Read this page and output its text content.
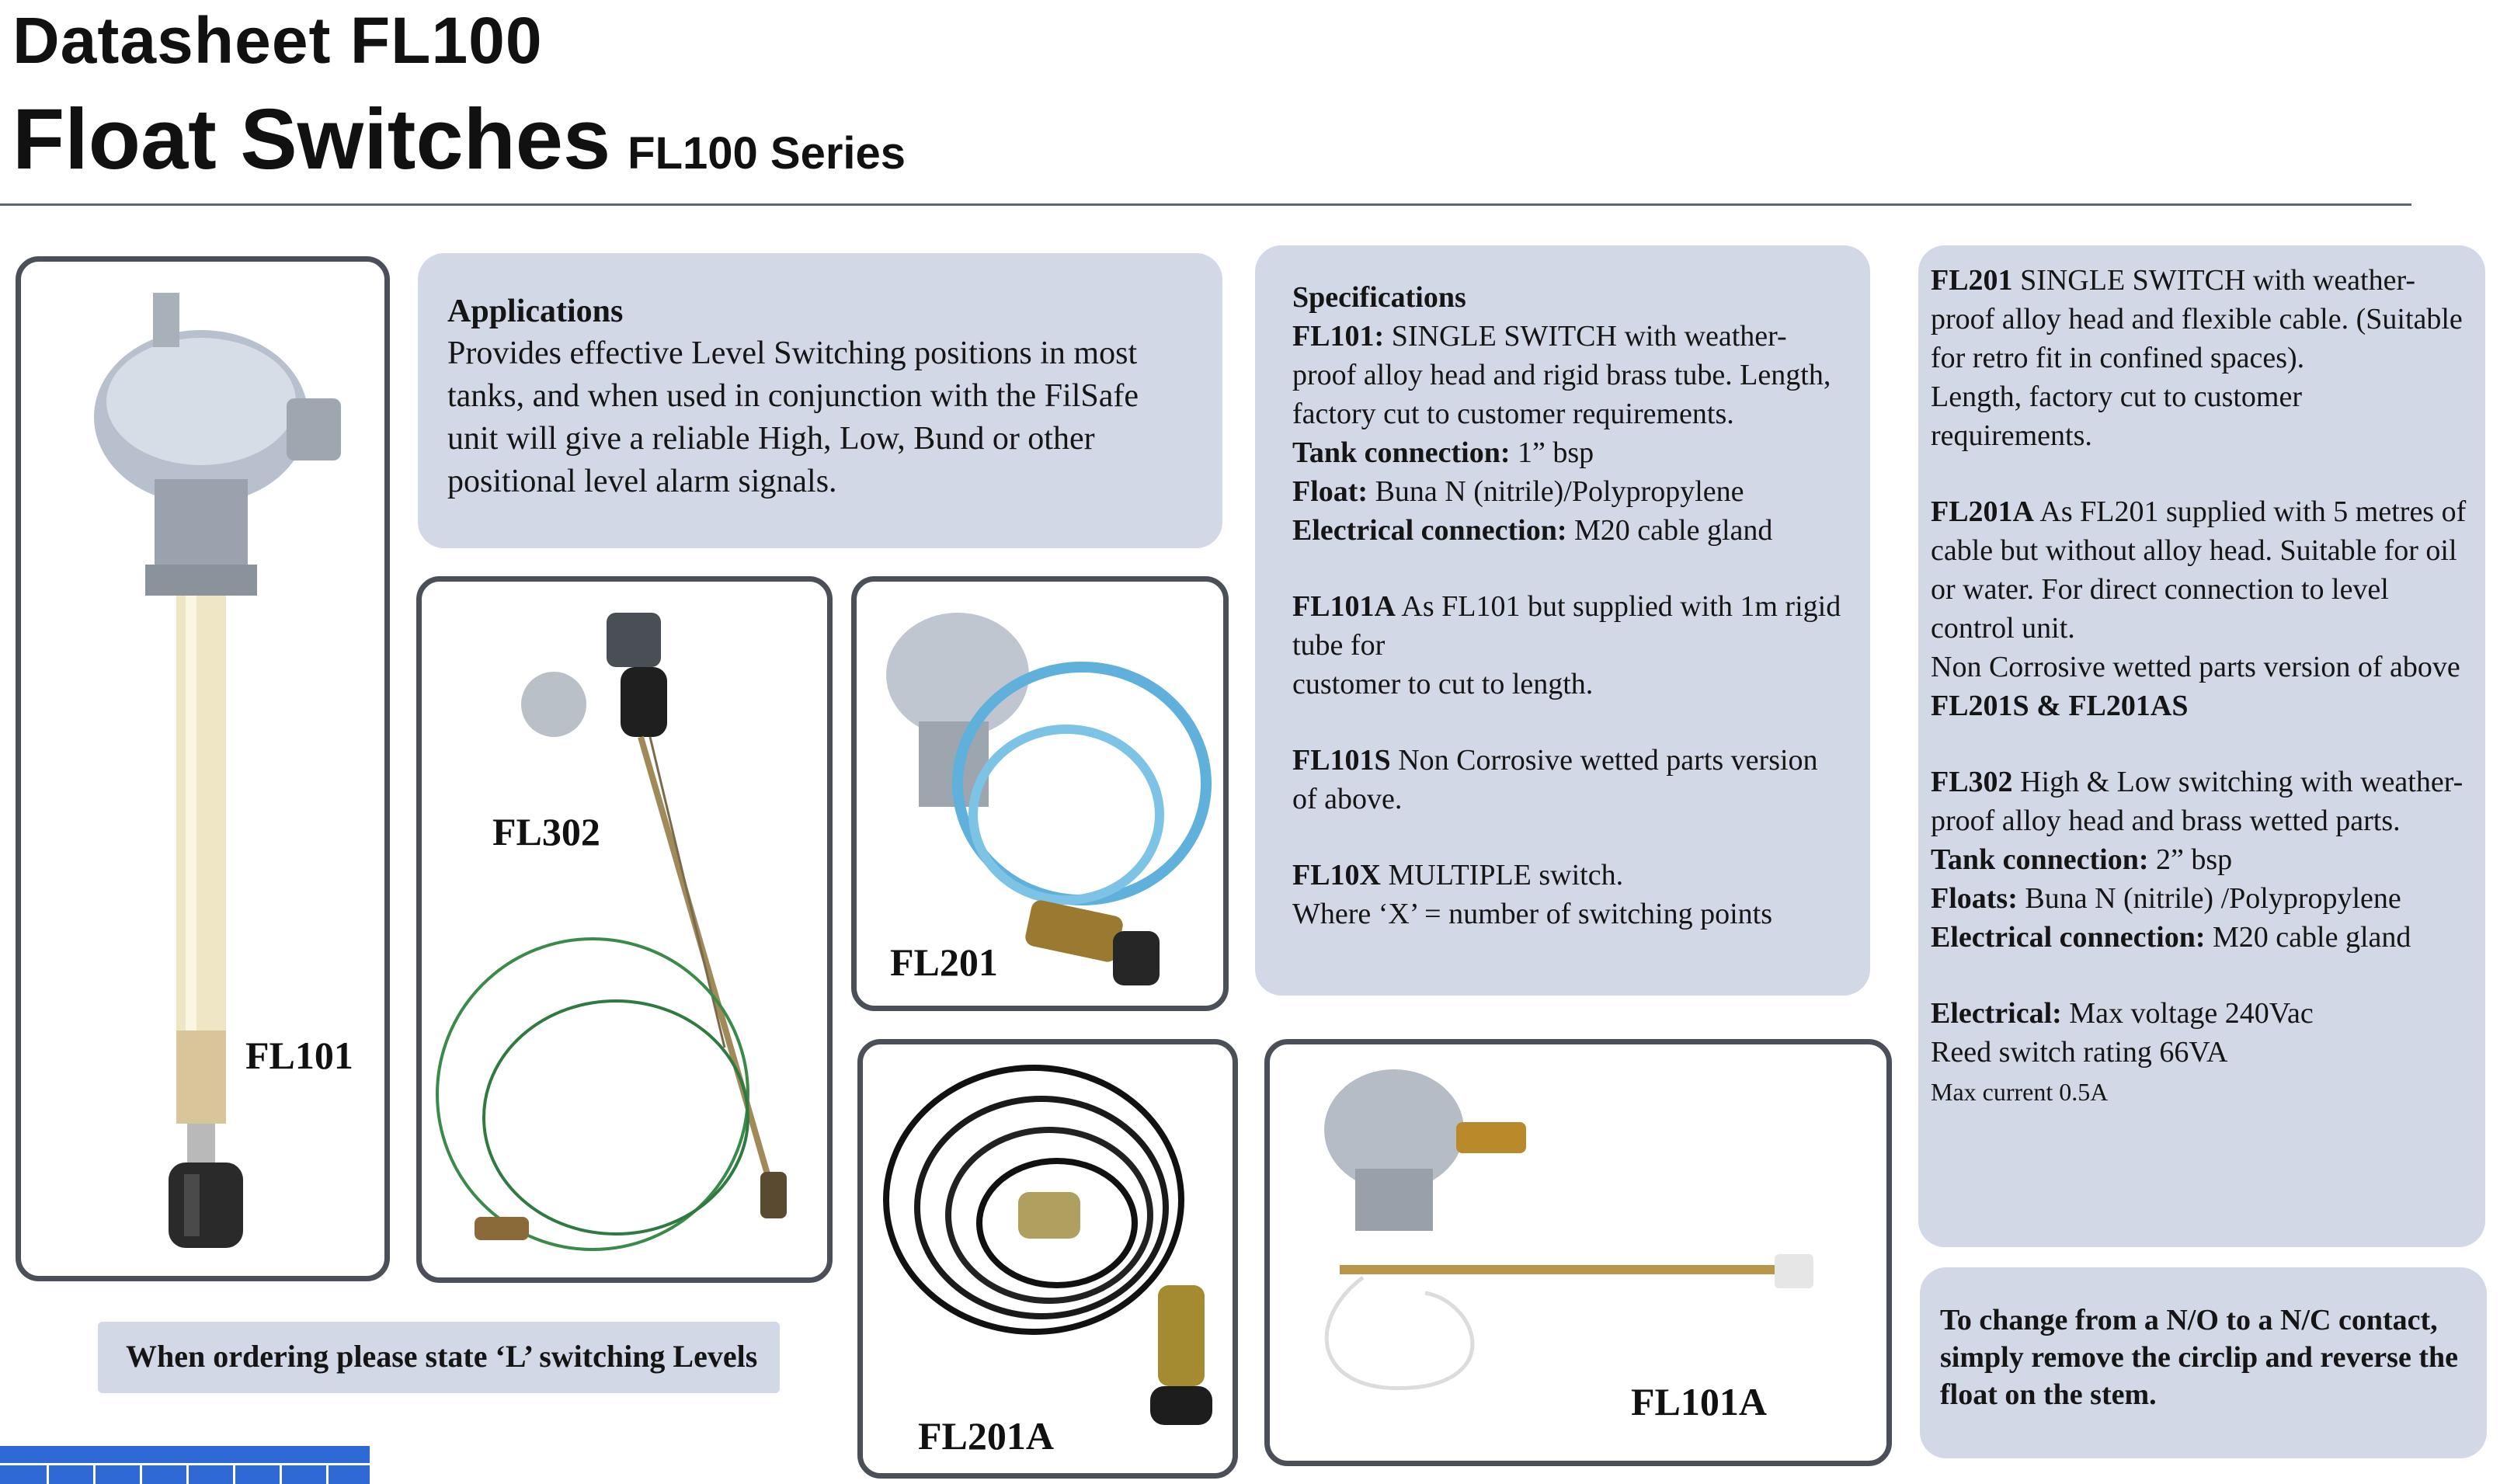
Datasheet FL100
Float Switches FL100 Series
FL101
Applications
Provides effective Level Switching positions in most tanks, and when used in conjunction with the FilSafe unit will give a reliable High, Low, Bund or other positional level alarm signals.
FL302
FL201
FL201A
FL101A
Specifications
FL101: SINGLE SWITCH with weather-proof alloy head and rigid brass tube. Length, factory cut to customer requirements.
Tank connection: 1” bsp
Float: Buna N (nitrile)/Polypropylene
Electrical connection: M20 cable gland
FL101A As FL101 but supplied with 1m rigid tube for
customer to cut to length.
FL101S Non Corrosive wetted parts version of above.
FL10X MULTIPLE switch.
Where ‘X’ = number of switching points
FL201 SINGLE SWITCH with weather-proof alloy head and flexible cable. (Suitable for retro fit in confined spaces).
Length, factory cut to customer requirements.
FL201A As FL201 supplied with 5 metres of cable but without alloy head. Suitable for oil or water. For direct connection to level control unit.
Non Corrosive wetted parts version of above FL201S & FL201AS
FL302 High & Low switching with weather-proof alloy head and brass wetted parts.
Tank connection: 2” bsp
Floats: Buna N (nitrile) /Polypropylene
Electrical connection: M20 cable gland
Electrical: Max voltage 240Vac
Reed switch rating 66VA
Max current 0.5A
To change from a N/O to a N/C contact, simply remove the circlip and reverse the float on the stem.
When ordering please state ‘L’ switching Levels
